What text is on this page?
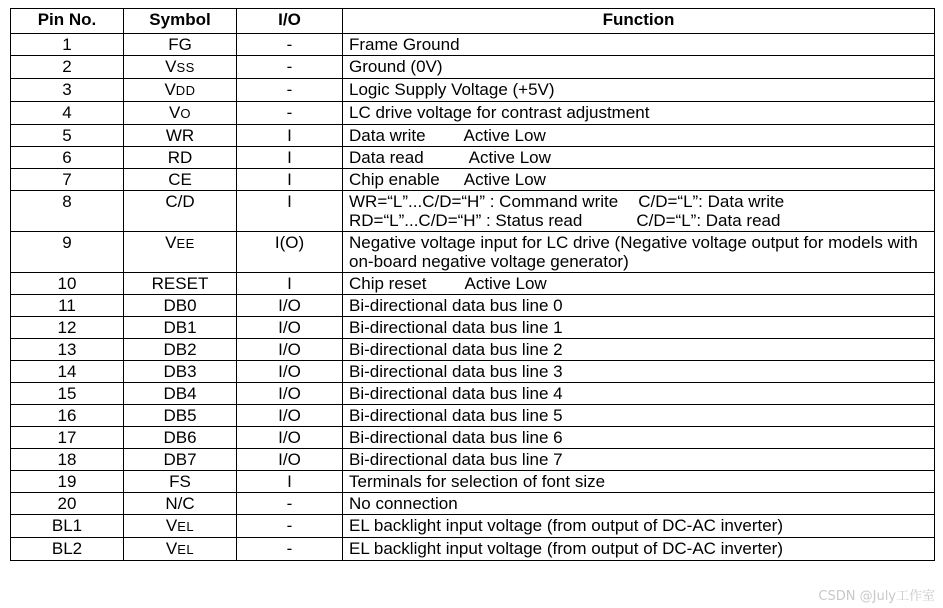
Pin No.	Symbol	I/O	Function
1	FG	-	Frame Ground
2	VSS	-	Ground (0V)
3	VDD	-	Logic Supply Voltage (+5V)
4	VO	-	LC drive voltage for contrast adjustment
5	WR	I	Data write Active Low
6	RD	I	Data read Active Low
7	CE	I	Chip enable Active Low
8	C/D	I	WR=“L”...C/D=“H” : Command write C/D=“L”: Data write
RD=“L”...C/D=“H” : Status read C/D=“L”: Data read

9	VEE	I(O)	Negative voltage input for LC drive (Negative voltage output for models with on-board negative voltage generator)
10	RESET	I	Chip reset Active Low
11	DB0	I/O	Bi-directional data bus line 0
12	DB1	I/O	Bi-directional data bus line 1
13	DB2	I/O	Bi-directional data bus line 2
14	DB3	I/O	Bi-directional data bus line 3
15	DB4	I/O	Bi-directional data bus line 4
16	DB5	I/O	Bi-directional data bus line 5
17	DB6	I/O	Bi-directional data bus line 6
18	DB7	I/O	Bi-directional data bus line 7
19	FS	I	Terminals for selection of font size
20	N/C	-	No connection
BL1	VEL	-	EL backlight input voltage (from output of DC-AC inverter)
BL2	VEL	-	EL backlight input voltage (from output of DC-AC inverter)
CSDN @July工作室
